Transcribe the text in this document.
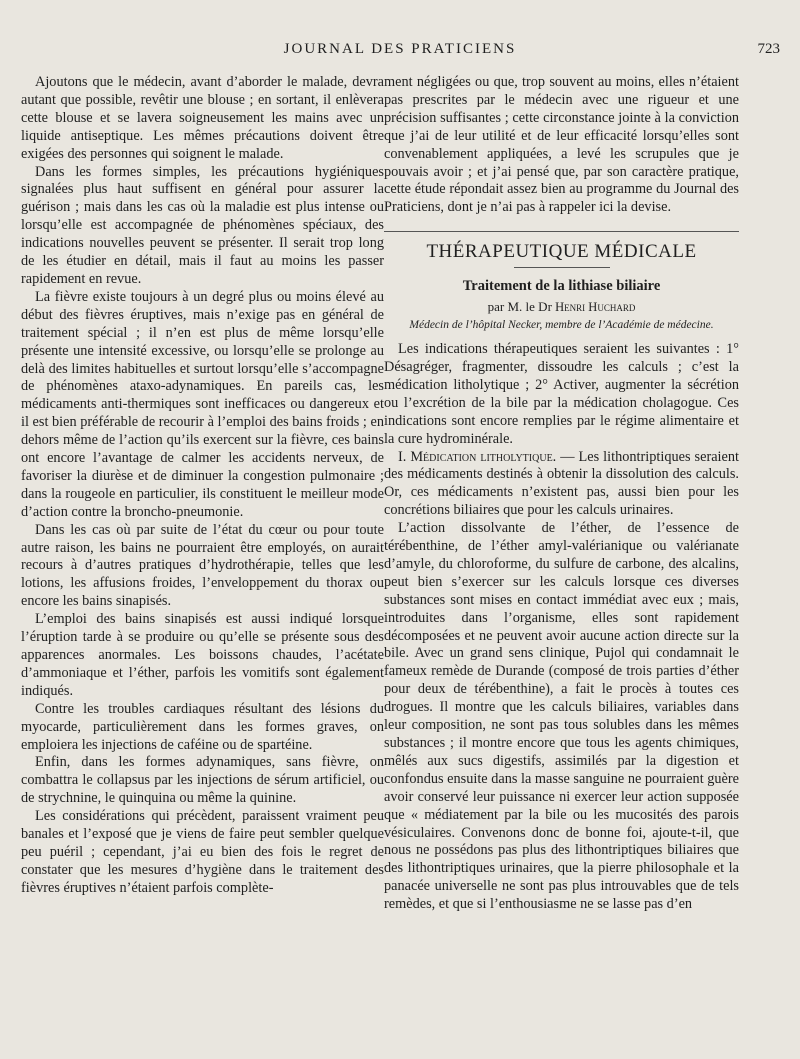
JOURNAL DES PRATICIENS	723

Ajoutons que le médecin, avant d’aborder le malade, devra autant que possible, revêtir une blouse ; en sortant, il enlèvera cette blouse et se lavera soigneusement les mains avec un liquide antiseptique. Les mêmes précautions doivent être exigées des personnes qui soignent le malade.

Dans les formes simples, les précautions hygiéniques signalées plus haut suffisent en général pour assurer la guérison ; mais dans les cas où la maladie est plus intense ou lorsqu’elle est accompagnée de phénomènes spéciaux, des indications nouvelles peuvent se présenter. Il serait trop long de les étudier en détail, mais il faut au moins les passer rapidement en revue.

La fièvre existe toujours à un degré plus ou moins élevé au début des fièvres éruptives, mais n’exige pas en général de traitement spécial ; il n’en est plus de même lorsqu’elle présente une intensité excessive, ou lorsqu’elle se prolonge au delà des limites habituelles et surtout lorsqu’elle s’accompagne de phénomènes ataxo-adynamiques. En pareils cas, les médicaments anti-thermiques sont inefficaces ou dangereux et il est bien préférable de recourir à l’emploi des bains froids ; en dehors même de l’action qu’ils exercent sur la fièvre, ces bains ont encore l’avantage de calmer les accidents nerveux, de favoriser la diurèse et de diminuer la congestion pulmonaire ; dans la rougeole en particulier, ils constituent le meilleur mode d’action contre la broncho-pneumonie.

Dans les cas où par suite de l’état du cœur ou pour toute autre raison, les bains ne pourraient être employés, on aurait recours à d’autres pratiques d’hydrothérapie, telles que les lotions, les affusions froides, l’enveloppement du thorax ou encore les bains sinapisés.

L’emploi des bains sinapisés est aussi indiqué lorsque l’éruption tarde à se produire ou qu’elle se présente sous des apparences anormales. Les boissons chaudes, l’acétate d’ammoniaque et l’éther, parfois les vomitifs sont également indiqués.

Contre les troubles cardiaques résultant des lésions du myocarde, particulièrement dans les formes graves, on emploiera les injections de caféine ou de spartéine.

Enfin, dans les formes adynamiques, sans fièvre, on combattra le collapsus par les injections de sérum artificiel, ou de strychnine, le quinquina ou même la quinine.

Les considérations qui précèdent, paraissent vraiment peu banales et l’exposé que je viens de faire peut sembler quelque peu puéril ; cependant, j’ai eu bien des fois le regret de constater que les mesures d’hygiène dans le traitement des fièvres éruptives n’étaient parfois complète-

ment négligées ou que, trop souvent au moins, elles n’étaient pas prescrites par le médecin avec une rigueur et une précision suffisantes ; cette circonstance jointe à la conviction que j’ai de leur utilité et de leur efficacité lorsqu’elles sont convenablement appliquées, a levé les scrupules que je pouvais avoir ; et j’ai pensé que, par son caractère pratique, cette étude répondait assez bien au programme du Journal des Praticiens, dont je n’ai pas à rappeler ici la devise.

THÉRAPEUTIQUE MÉDICALE
Traitement de la lithiase biliaire
par M. le Dr Henri Huchard
Médecin de l’hôpital Necker, membre de l’Académie de médecine.

Les indications thérapeutiques seraient les suivantes : 1° Désagréger, fragmenter, dissoudre les calculs ; c’est la médication litholytique ; 2° Activer, augmenter la sécrétion ou l’excrétion de la bile par la médication cholagogue. Ces indications sont encore remplies par le régime alimentaire et la cure hydrominérale.

I. Médication litholytique. — Les lithontriptiques seraient des médicaments destinés à obtenir la dissolution des calculs. Or, ces médicaments n’existent pas, aussi bien pour les concrétions biliaires que pour les calculs urinaires.

L’action dissolvante de l’éther, de l’essence de térébenthine, de l’éther amyl-valérianique ou valérianate d’amyle, du chloroforme, du sulfure de carbone, des alcalins, peut bien s’exercer sur les calculs lorsque ces diverses substances sont mises en contact immédiat avec eux ; mais, introduites dans l’organisme, elles sont rapidement décomposées et ne peuvent avoir aucune action directe sur la bile. Avec un grand sens clinique, Pujol qui condamnait le fameux remède de Durande (composé de trois parties d’éther pour deux de térébenthine), a fait le procès à toutes ces drogues. Il montre que les calculs biliaires, variables dans leur composition, ne sont pas tous solubles dans les mêmes substances ; il montre encore que tous les agents chimiques, mêlés aux sucs digestifs, assimilés par la digestion et confondus ensuite dans la masse sanguine ne pourraient guère avoir conservé leur puissance ni exercer leur action supposée que « médiatement par la bile ou les mucosités des parois vésiculaires. Convenons donc de bonne foi, ajoute-t-il, que nous ne possédons pas plus des lithontriptiques biliaires que des lithontriptiques urinaires, que la pierre philosophale et la panacée universelle ne sont pas plus introuvables que de tels remèdes, et que si l’enthousiasme ne se lasse pas d’en
